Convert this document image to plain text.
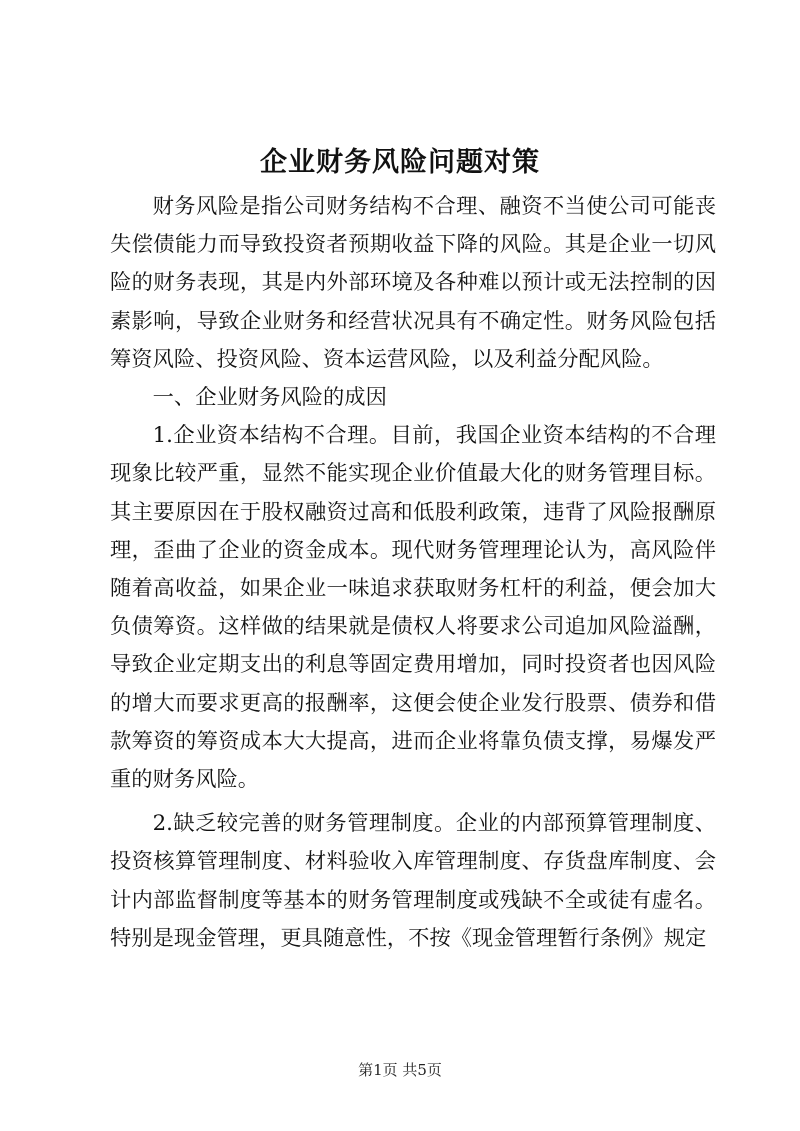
企业财务风险问题对策

财务风险是指公司财务结构不合理、融资不当使公司可能丧失偿债能力而导致投资者预期收益下降的风险。其是企业一切风险的财务表现，其是内外部环境及各种难以预计或无法控制的因素影响，导致企业财务和经营状况具有不确定性。财务风险包括筹资风险、投资风险、资本运营风险，以及利益分配风险。

一、企业财务风险的成因

1.企业资本结构不合理。目前，我国企业资本结构的不合理现象比较严重，显然不能实现企业价值最大化的财务管理目标。其主要原因在于股权融资过高和低股利政策，违背了风险报酬原理，歪曲了企业的资金成本。现代财务管理理论认为，高风险伴随着高收益，如果企业一味追求获取财务杠杆的利益，便会加大负债筹资。这样做的结果就是债权人将要求公司追加风险溢酬，导致企业定期支出的利息等固定费用增加，同时投资者也因风险的增大而要求更高的报酬率，这便会使企业发行股票、债券和借款筹资的筹资成本大大提高，进而企业将靠负债支撑，易爆发严重的财务风险。

2.缺乏较完善的财务管理制度。企业的内部预算管理制度、投资核算管理制度、材料验收入库管理制度、存货盘库制度、会计内部监督制度等基本的财务管理制度或残缺不全或徒有虚名。特别是现金管理，更具随意性，不按《现金管理暂行条例》规定

第1页 共5页
